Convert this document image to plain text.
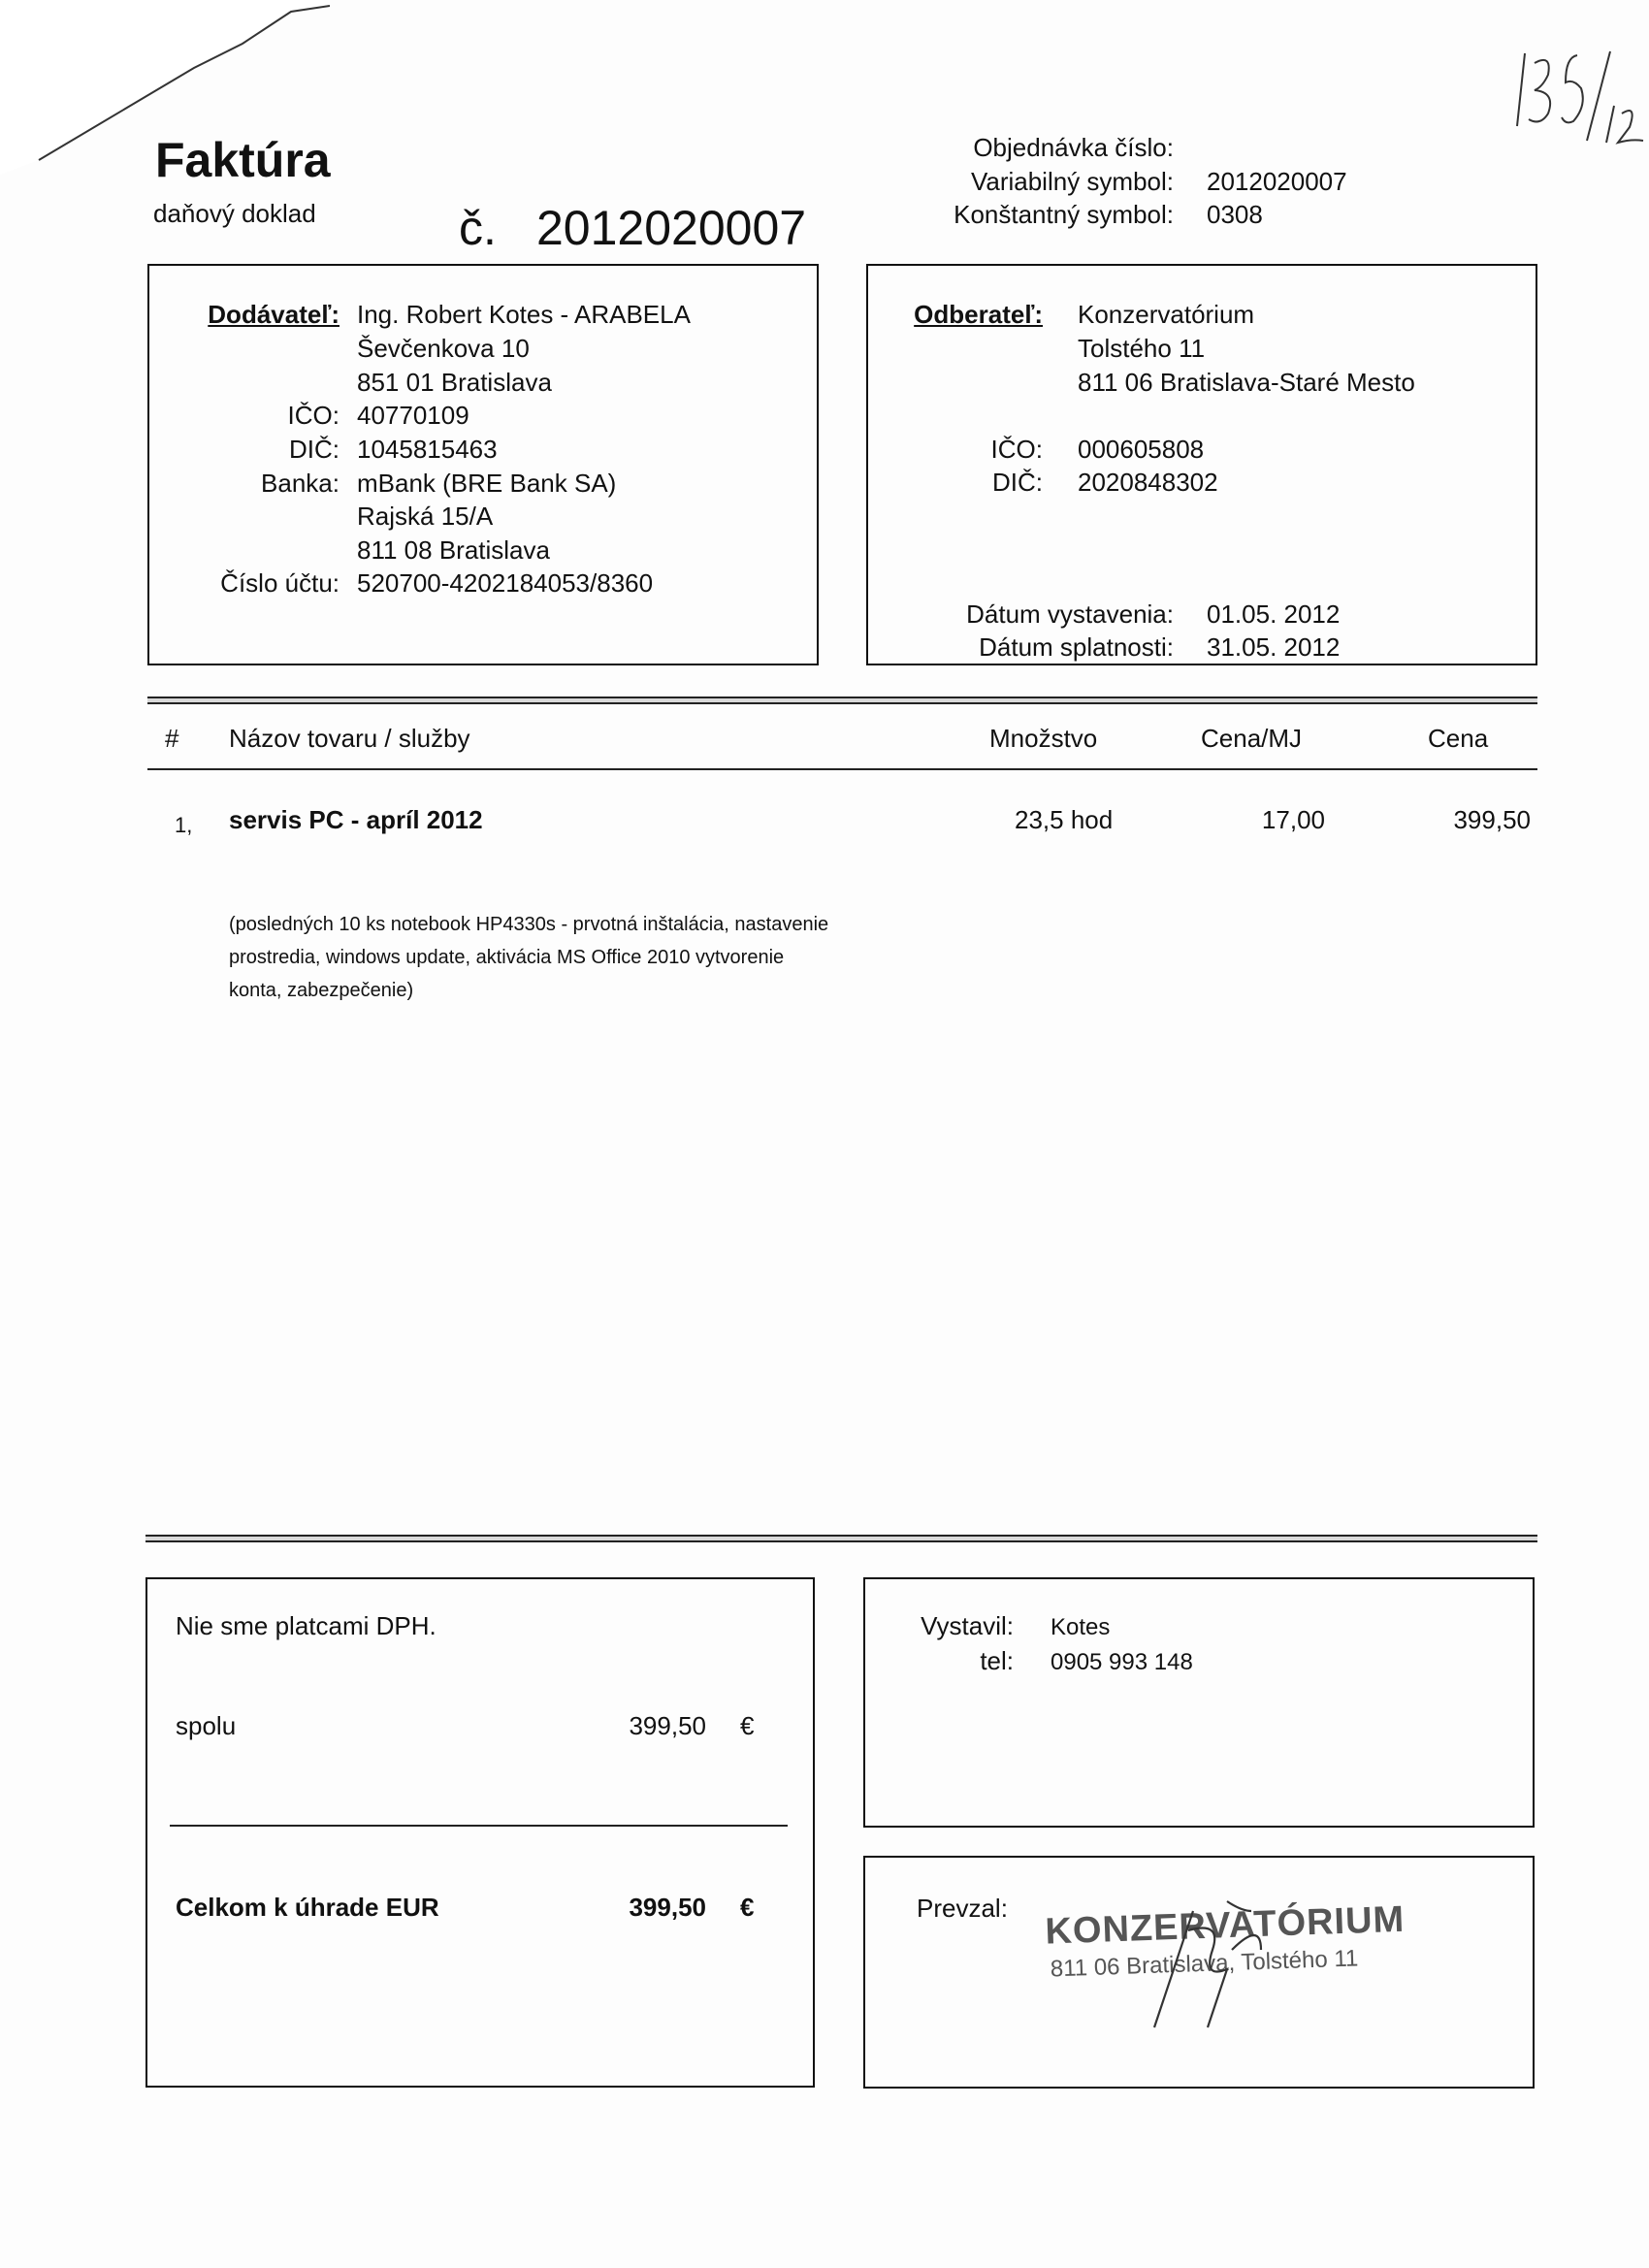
Faktúra
daňový doklad	č. 2012020007
Objednávka číslo:
Variabilný symbol: 2012020007
Konštantný symbol: 0308
Dodávateľ: Ing. Robert Kotes - ARABELA
Ševčenkova 10
851 01 Bratislava
IČO: 40770109
DIČ: 1045815463
Banka: mBank (BRE Bank SA)
Rajská 15/A
811 08 Bratislava
Číslo účtu: 520700-4202184053/8360
Odberateľ: Konzervatórium
Tolstého 11
811 06 Bratislava-Staré Mesto
IČO: 000605808
DIČ: 2020848302
Dátum vystavenia: 01.05. 2012
Dátum splatnosti: 31.05. 2012
# Názov tovaru / služby	Množstvo	Cena/MJ	Cena
1,	servis PC - apríl 2012	23,5 hod	17,00	399,50
(posledných 10 ks notebook HP4330s - prvotná inštalácia, nastavenie
prostredia, windows update, aktivácia MS Office 2010 vytvorenie
konta, zabezpečenie)
Nie sme platcami DPH.
spolu	399,50 €
Celkom k úhrade EUR	399,50 €
Vystavil: Kotes
tel: 0905 993 148
Prevzal: KONZERVATÓRIUM
811 06 Bratislava, Tolstého 11
